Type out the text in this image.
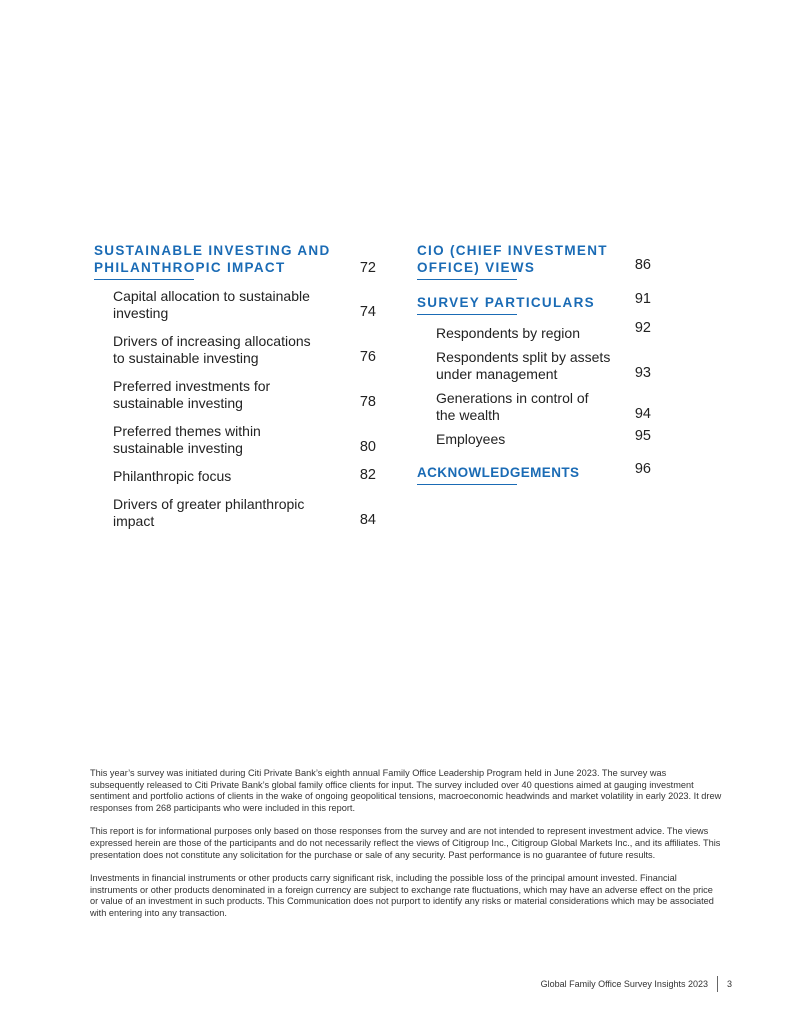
SUSTAINABLE INVESTING AND
PHILANTHROPIC IMPACT	72
Capital allocation to sustainable
investing	74
Drivers of increasing allocations
to sustainable investing	76
Preferred investments for
sustainable investing	78
Preferred themes within
sustainable investing	80
Philanthropic focus	82
Drivers of greater philanthropic
impact	84
CIO (CHIEF INVESTMENT
OFFICE) VIEWS	86
SURVEY PARTICULARS	91
Respondents by region	92
Respondents split by assets
under management	93
Generations in control of
the wealth	94
Employees	95
ACKNOWLEDGEMENTS	96

This year’s survey was initiated during Citi Private Bank’s eighth annual Family Office Leadership Program held in June 2023. The survey was subsequently released to Citi Private Bank’s global family office clients for input. The survey included over 40 questions aimed at gauging investment sentiment and portfolio actions of clients in the wake of ongoing geopolitical tensions, macroeconomic headwinds and market volatility in early 2023. It drew responses from 268 participants who were included in this report.

This report is for informational purposes only based on those responses from the survey and are not intended to represent investment advice. The views expressed herein are those of the participants and do not necessarily reflect the views of Citigroup Inc., Citigroup Global Markets Inc., and its affiliates. This presentation does not constitute any solicitation for the purchase or sale of any security. Past performance is no guarantee of future results.

Investments in financial instruments or other products carry significant risk, including the possible loss of the principal amount invested. Financial instruments or other products denominated in a foreign currency are subject to exchange rate fluctuations, which may have an adverse effect on the price or value of an investment in such products. This Communication does not purport to identify any risks or material considerations which may be associated with entering into any transaction.

Global Family Office Survey Insights 2023 3
